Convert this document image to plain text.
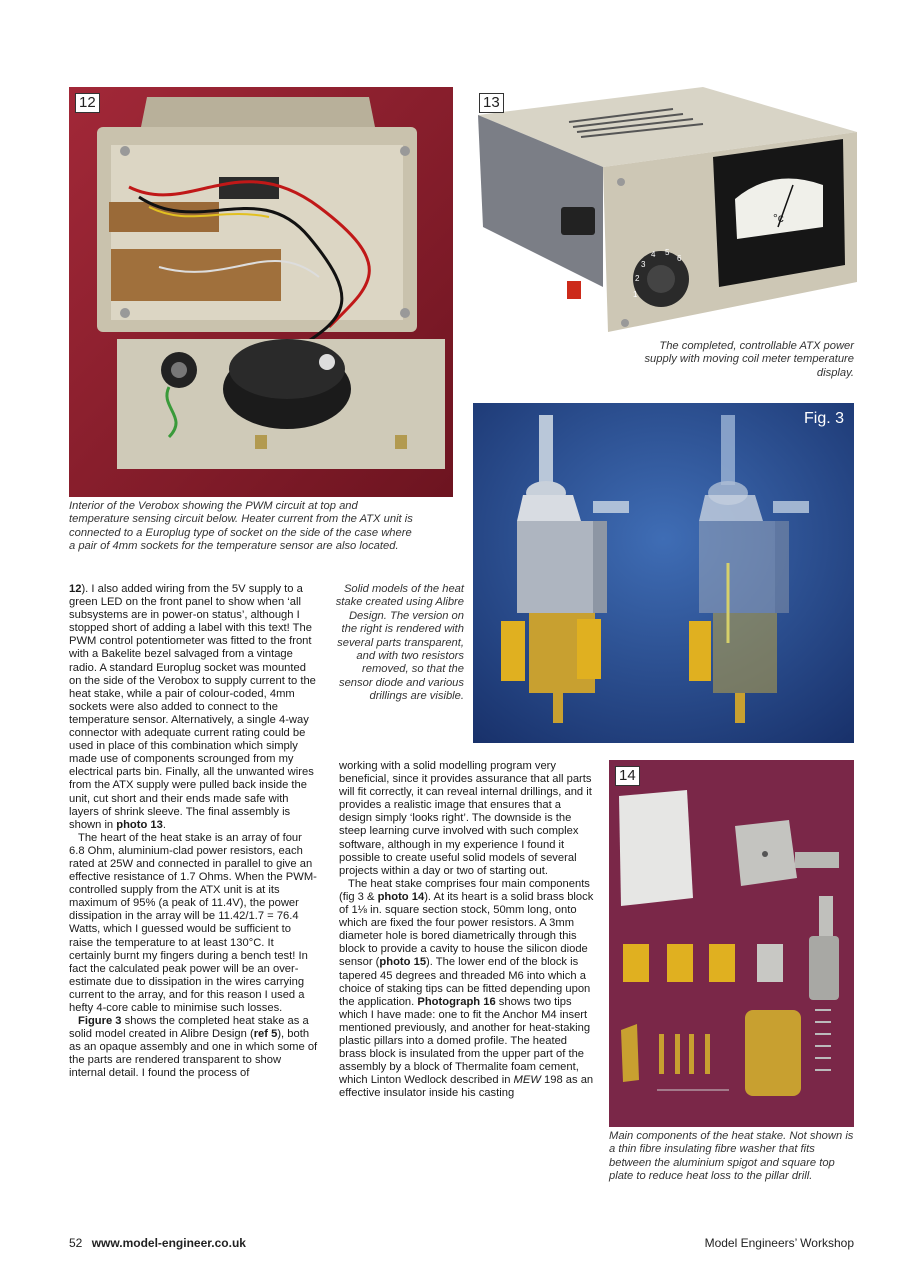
12
Interior of the Verobox showing the PWM circuit at top and temperature sensing circuit below. Heater current from the ATX unit is connected to a Europlug type of socket on the side of the case where a pair of 4mm sockets for the temperature sensor are also located.
°c
1
2
3
4 5
6
13
The completed, controllable ATX power supply with moving coil meter temperature display.
Fig. 3
Solid models of the heat stake created using Alibre Design. The version on the right is rendered with several parts transparent, and with two resistors removed, so that the sensor diode and various drillings are visible.
14
Main components of the heat stake. Not shown is a thin fibre insulating fibre washer that fits between the aluminium spigot and square top plate to reduce heat loss to the pillar drill.

12). I also added wiring from the 5V supply to a green LED on the front panel to show when ‘all subsystems are in power-on status’, although I stopped short of adding a label with this text! The PWM control potentiometer was fitted to the front with a Bakelite bezel salvaged from a vintage radio. A standard Europlug socket was mounted on the side of the Verobox to supply current to the heat stake, while a pair of colour-coded, 4mm sockets were also added to connect to the temperature sensor. Alternatively, a single 4-way connector with adequate current rating could be used in place of this combination which simply made use of components scrounged from my electrical parts bin. Finally, all the unwanted wires from the ATX supply were pulled back inside the unit, cut short and their ends made safe with layers of shrink sleeve. The final assembly is shown in photo 13.

The heart of the heat stake is an array of four 6.8 Ohm, aluminium-clad power resistors, each rated at 25W and connected in parallel to give an effective resistance of 1.7 Ohms. When the PWM-controlled supply from the ATX unit is at its maximum of 95% (a peak of 11.4V), the power dissipation in the array will be 11.42/1.7 = 76.4 Watts, which I guessed would be sufficient to raise the temperature to at least 130°C. It certainly burnt my fingers during a bench test! In fact the calculated peak power will be an over-estimate due to dissipation in the wires carrying current to the array, and for this reason I used a hefty 4-core cable to minimise such losses.

Figure 3 shows the completed heat stake as a solid model created in Alibre Design (ref 5), both as an opaque assembly and one in which some of the parts are rendered transparent to show internal detail. I found the process of

working with a solid modelling program very beneficial, since it provides assurance that all parts will fit correctly, it can reveal internal drillings, and it provides a realistic image that ensures that a design simply ‘looks right’. The downside is the steep learning curve involved with such complex software, although in my experience I found it possible to create useful solid models of several projects within a day or two of starting out.

The heat stake comprises four main components (fig 3 & photo 14). At its heart is a solid brass block of 1⅛ in. square section stock, 50mm long, onto which are fixed the four power resistors. A 3mm diameter hole is bored diametrically through this block to provide a cavity to house the silicon diode sensor (photo 15). The lower end of the block is tapered 45 degrees and threaded M6 into which a choice of staking tips can be fitted depending upon the application. Photograph 16 shows two tips which I have made: one to fit the Anchor M4 insert mentioned previously, and another for heat-staking plastic pillars into a domed profile. The heated brass block is insulated from the upper part of the assembly by a block of Thermalite foam cement, which Linton Wedlock described in MEW 198 as an effective insulator inside his casting

52 www.model-engineer.co.uk	Model Engineers’ Workshop
